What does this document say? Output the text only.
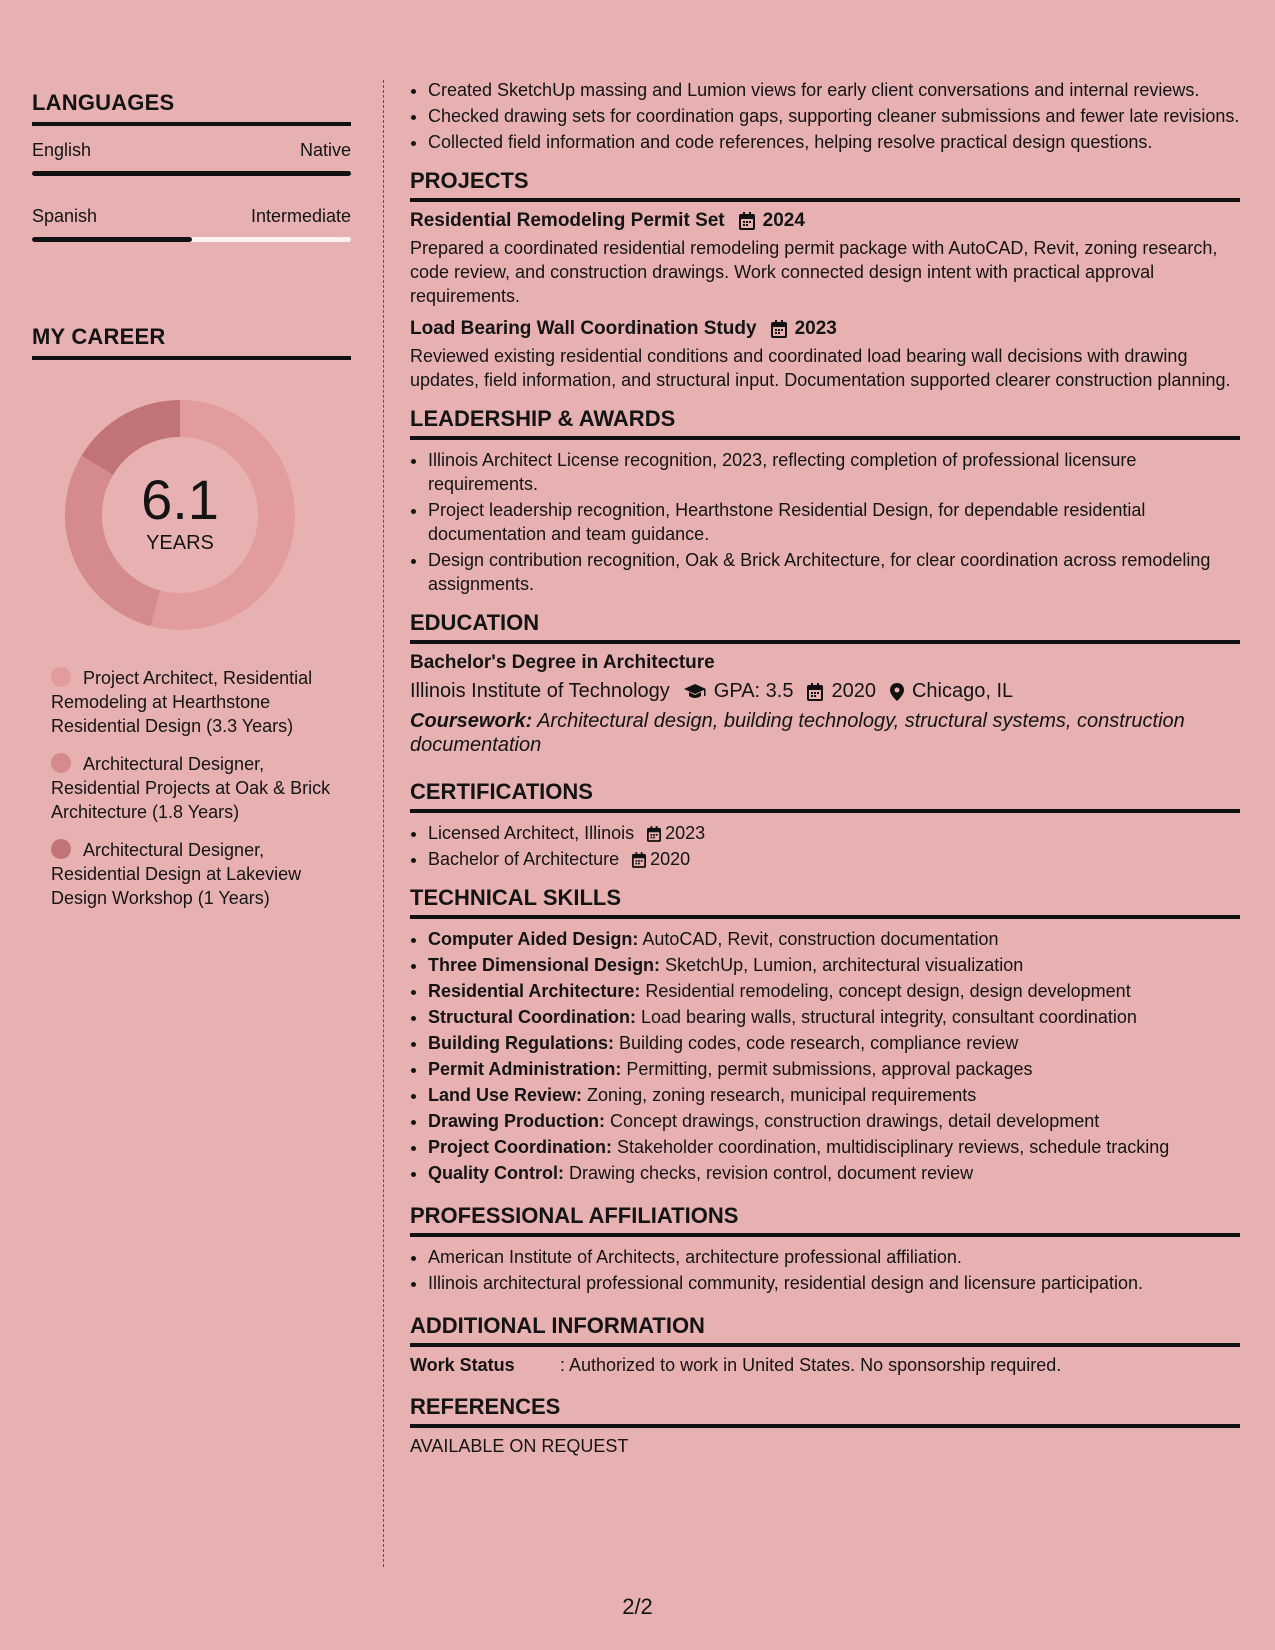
LANGUAGES
English	Native
Spanish	Intermediate
MY CAREER
6.1
YEARS
Project Architect, Residential Remodeling at Hearthstone Residential Design (3.3 Years)
Architectural Designer, Residential Projects at Oak & Brick Architecture (1.8 Years)
Architectural Designer, Residential Design at Lakeview Design Workshop (1 Years)
• Created SketchUp massing and Lumion views for early client conversations and internal reviews.
• Checked drawing sets for coordination gaps, supporting cleaner submissions and fewer late revisions.
• Collected field information and code references, helping resolve practical design questions.
PROJECTS
Residential Remodeling Permit Set 2024
Prepared a coordinated residential remodeling permit package with AutoCAD, Revit, zoning research, code review, and construction drawings. Work connected design intent with practical approval requirements.
Load Bearing Wall Coordination Study 2023
Reviewed existing residential conditions and coordinated load bearing wall decisions with drawing updates, field information, and structural input. Documentation supported clearer construction planning.
LEADERSHIP & AWARDS
• Illinois Architect License recognition, 2023, reflecting completion of professional licensure requirements.
• Project leadership recognition, Hearthstone Residential Design, for dependable residential documentation and team guidance.
• Design contribution recognition, Oak & Brick Architecture, for clear coordination across remodeling assignments.
EDUCATION
Bachelor's Degree in Architecture
Illinois Institute of Technology GPA: 3.5 2020 Chicago, IL
Coursework: Architectural design, building technology, structural systems, construction documentation
CERTIFICATIONS
• Licensed Architect, Illinois 2023
• Bachelor of Architecture 2020
TECHNICAL SKILLS
• Computer Aided Design: AutoCAD, Revit, construction documentation
• Three Dimensional Design: SketchUp, Lumion, architectural visualization
• Residential Architecture: Residential remodeling, concept design, design development
• Structural Coordination: Load bearing walls, structural integrity, consultant coordination
• Building Regulations: Building codes, code research, compliance review
• Permit Administration: Permitting, permit submissions, approval packages
• Land Use Review: Zoning, zoning research, municipal requirements
• Drawing Production: Concept drawings, construction drawings, detail development
• Project Coordination: Stakeholder coordination, multidisciplinary reviews, schedule tracking
• Quality Control: Drawing checks, revision control, document review
PROFESSIONAL AFFILIATIONS
• American Institute of Architects, architecture professional affiliation.
• Illinois architectural professional community, residential design and licensure participation.
ADDITIONAL INFORMATION
Work Status	: Authorized to work in United States. No sponsorship required.
REFERENCES
AVAILABLE ON REQUEST
2/2
